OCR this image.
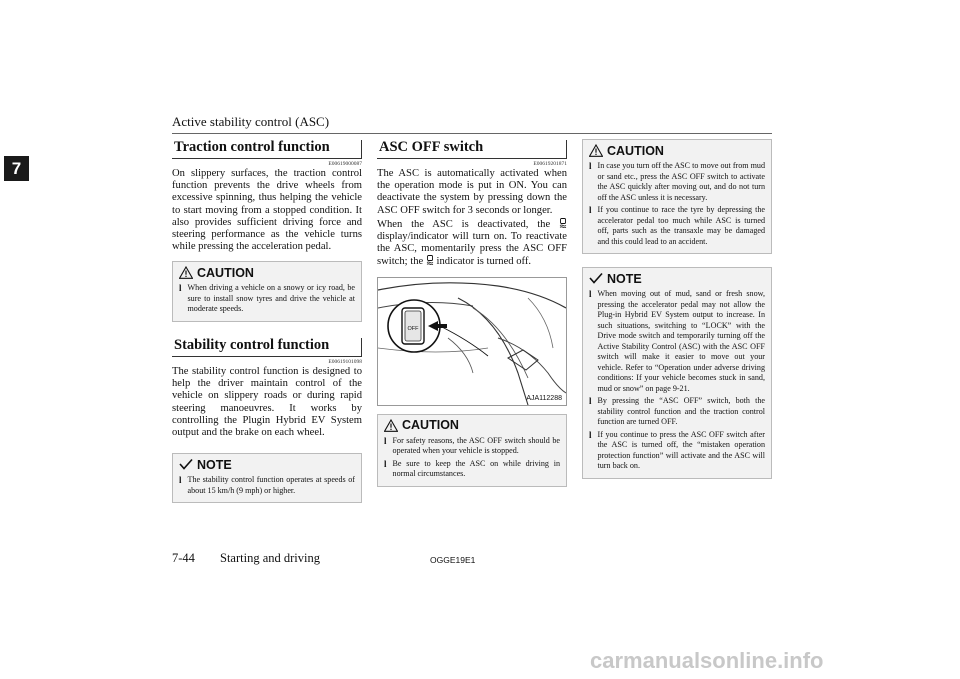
Active stability control (ASC)
7
Traction control function
E00619000087
On slippery surfaces, the traction control function prevents the drive wheels from excessive spinning, thus helping the vehicle to start moving from a stopped condition. It also provides sufficient driving force and steering performance as the vehicle turns while pressing the acceleration pedal.
CAUTION
l When driving a vehicle on a snowy or icy road, be sure to install snow tyres and drive the vehicle at moderate speeds.
Stability control function
E00619101098
The stability control function is designed to help the driver maintain control of the vehicle on slippery roads or during rapid steering manoeuvres. It works by controlling the Plugin Hybrid EV System output and the brake on each wheel.
NOTE
l The stability control function operates at speeds of about 15 km/h (9 mph) or higher.
ASC OFF switch
E00619201871
The ASC is automatically activated when the operation mode is put in ON. You can deactivate the system by pressing down the ASC OFF switch for 3 seconds or longer.
When the ASC is deactivated, the  display/indicator will turn on. To reactivate the ASC, momentarily press the ASC OFF switch; the indicator is turned off.
OFF
AJA112288
CAUTION
l For safety reasons, the ASC OFF switch should be operated when your vehicle is stopped.
l Be sure to keep the ASC on while driving in normal circumstances.
CAUTION
l In case you turn off the ASC to move out from mud or sand etc., press the ASC OFF switch to activate the ASC quickly after moving out, and do not turn off the ASC unless it is necessary.
l If you continue to race the tyre by depressing the accelerator pedal too much while ASC is turned off, parts such as the transaxle may be damaged and this could lead to an accident.
NOTE
l When moving out of mud, sand or fresh snow, pressing the accelerator pedal may not allow the Plug-in Hybrid EV System output to increase. In such situations, switching to “LOCK” with the Drive mode switch and temporarily turning off the Active Stability Control (ASC) with the ASC OFF switch will make it easier to move out your vehicle. Refer to “Operation under adverse driving conditions: If your vehicle becomes stuck in sand, mud or snow” on page 9-21.
l By pressing the “ASC OFF” switch, both the stability control function and the traction control function are turned OFF.
l If you continue to press the ASC OFF switch after the ASC is turned off, the “mistaken operation protection function” will activate and the ASC will turn back on.
7-44 Starting and driving	OGGE19E1
carmanualsonline.info
